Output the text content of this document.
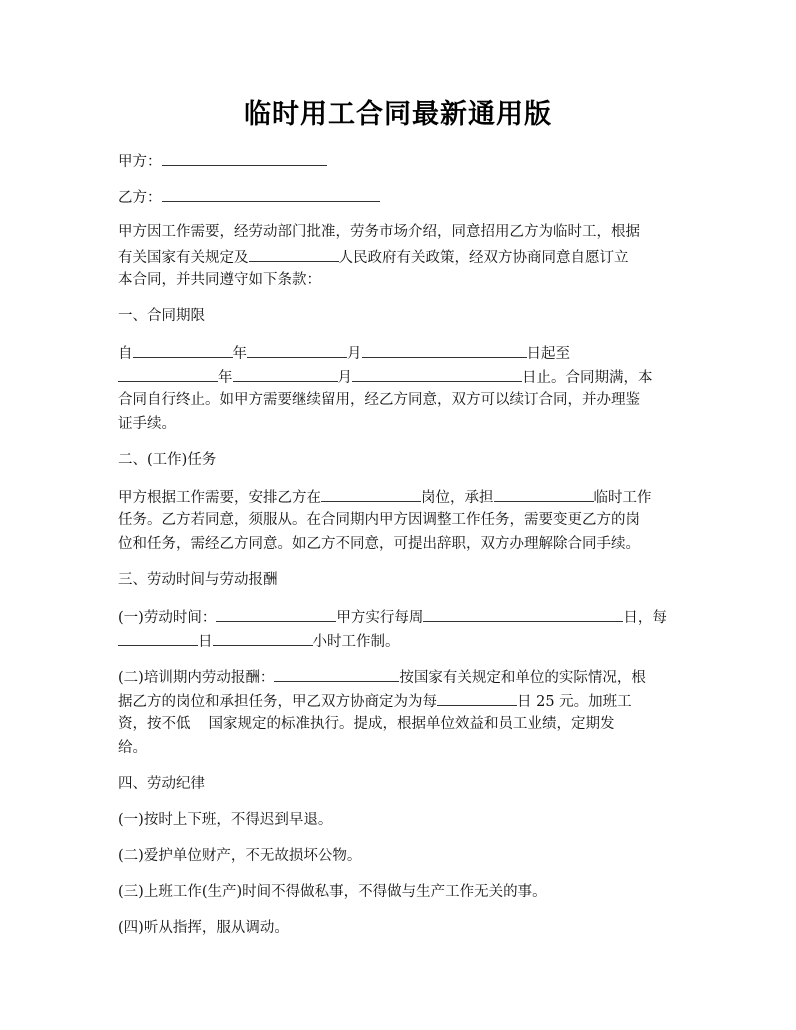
临时用工合同最新通用版
甲方：
乙方：
甲方因工作需要，经劳动部门批准，劳务市场介绍，同意招用乙方为临时工，根据
有关国家有关规定及	人民政府有关政策，经双方协商同意自愿订立
本合同，并共同遵守如下条款：
一、合同期限
自	年	月	日起至
年	月	日止。合同期满，本
合同自行终止。如甲方需要继续留用，经乙方同意，双方可以续订合同，并办理鉴
证手续。
二、(工作)任务
甲方根据工作需要，安排乙方在	岗位，承担	临时工作
任务。乙方若同意，须服从。在合同期内甲方因调整工作任务，需要变更乙方的岗
位和任务，需经乙方同意。如乙方不同意，可提出辞职，双方办理解除合同手续。
三、劳动时间与劳动报酬
(一)劳动时间：	甲方实行每周	日，每
日	小时工作制。
(二)培训期内劳动报酬：	按国家有关规定和单位的实际情况，根
据乙方的岗位和承担任务，甲乙双方协商定为为每	日 25 元。加班工
资，按不低 国家规定的标准执行。提成，根据单位效益和员工业绩，定期发
给。
四、劳动纪律
(一)按时上下班，不得迟到早退。
(二)爱护单位财产，不无故损坏公物。
(三)上班工作(生产)时间不得做私事，不得做与生产工作无关的事。
(四)听从指挥，服从调动。
